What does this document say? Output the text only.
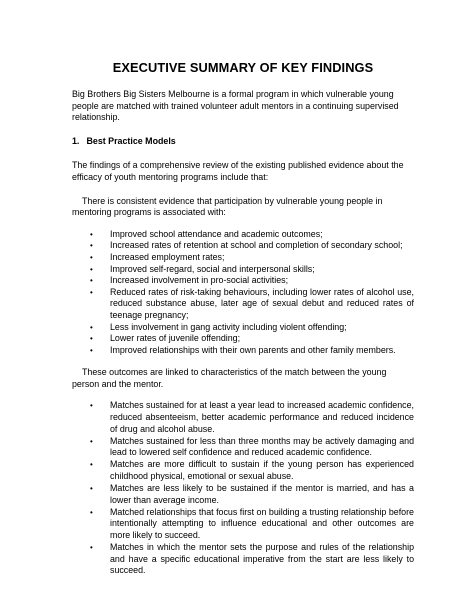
EXECUTIVE SUMMARY OF KEY FINDINGS

Big Brothers Big Sisters Melbourne is a formal program in which vulnerable young people are matched with trained volunteer adult mentors in a continuing supervised relationship.

1. Best Practice Models

The findings of a comprehensive review of the existing published evidence about the efficacy of youth mentoring programs include that:

There is consistent evidence that participation by vulnerable young people in mentoring programs is associated with:

• Improved school attendance and academic outcomes;
• Increased rates of retention at school and completion of secondary school;
• Increased employment rates;
• Improved self-regard, social and interpersonal skills;
• Increased involvement in pro-social activities;
• Reduced rates of risk-taking behaviours, including lower rates of alcohol use, reduced substance abuse, later age of sexual debut and reduced rates of teenage pregnancy;
• Less involvement in gang activity including violent offending;
• Lower rates of juvenile offending;
• Improved relationships with their own parents and other family members.

These outcomes are linked to characteristics of the match between the young person and the mentor.

• Matches sustained for at least a year lead to increased academic confidence, reduced absenteeism, better academic performance and reduced incidence of drug and alcohol abuse.
• Matches sustained for less than three months may be actively damaging and lead to lowered self confidence and reduced academic confidence.
• Matches are more difficult to sustain if the young person has experienced childhood physical, emotional or sexual abuse.
• Matches are less likely to be sustained if the mentor is married, and has a lower than average income.
• Matched relationships that focus first on building a trusting relationship before intentionally attempting to influence educational and other outcomes are more likely to succeed.
• Matches in which the mentor sets the purpose and rules of the relationship and have a specific educational imperative from the start are less likely to succeed.
